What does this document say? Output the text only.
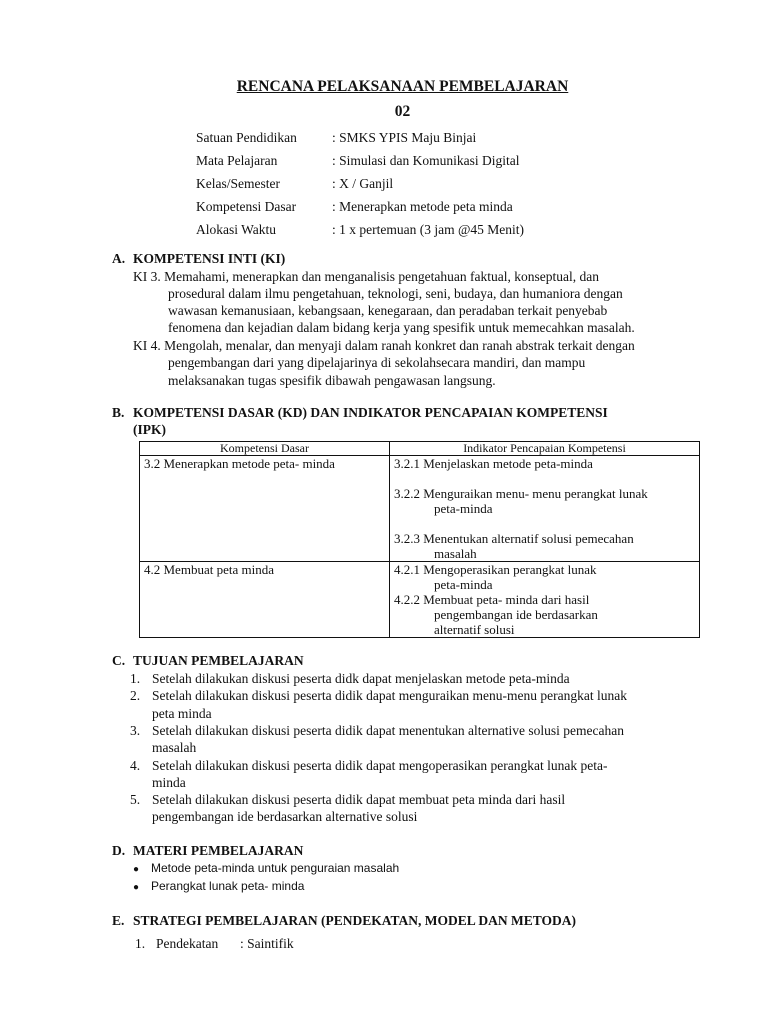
RENCANA PELAKSANAAN PEMBELAJARAN
02
Satuan Pendidikan	: SMKS YPIS Maju Binjai
Mata Pelajaran	: Simulasi dan Komunikasi Digital
Kelas/Semester	: X / Ganjil
Kompetensi Dasar	: Menerapkan metode peta minda
Alokasi Waktu	: 1 x pertemuan (3 jam @45 Menit)
A. KOMPETENSI INTI (KI)
KI 3. Memahami, menerapkan dan menganalisis pengetahuan faktual, konseptual, dan
prosedural dalam ilmu pengetahuan, teknologi, seni, budaya, dan humaniora dengan
wawasan kemanusiaan, kebangsaan, kenegaraan, dan peradaban terkait penyebab
fenomena dan kejadian dalam bidang kerja yang spesifik untuk memecahkan masalah.
KI 4. Mengolah, menalar, dan menyaji dalam ranah konkret dan ranah abstrak terkait dengan
pengembangan dari yang dipelajarinya di sekolahsecara mandiri, dan mampu
melaksanakan tugas spesifik dibawah pengawasan langsung.
B. KOMPETENSI DASAR (KD) DAN INDIKATOR PENCAPAIAN KOMPETENSI
(IPK)
Kompetensi Dasar	Indikator Pencapaian Kompetensi
3.2 Menerapkan metode peta- minda	3.2.1 Menjelaskan metode peta-minda
3.2.2 Menguraikan menu- menu perangkat lunak
peta-minda
3.2.3 Menentukan alternatif solusi pemecahan
masalah

4.2 Membuat peta minda	4.2.1 Mengoperasikan perangkat lunak
peta-minda
4.2.2 Membuat peta- minda dari hasil
pengembangan ide berdasarkan
alternatif solusi
C. TUJUAN PEMBELAJARAN
1. Setelah dilakukan diskusi peserta didk dapat menjelaskan metode peta-minda
2. Setelah dilakukan diskusi peserta didik dapat menguraikan menu-menu perangkat lunak
peta minda
3. Setelah dilakukan diskusi peserta didik dapat menentukan alternative solusi pemecahan
masalah
4. Setelah dilakukan diskusi peserta didik dapat mengoperasikan perangkat lunak peta-
minda
5. Setelah dilakukan diskusi peserta didik dapat membuat peta minda dari hasil
pengembangan ide berdasarkan alternative solusi
D. MATERI PEMBELAJARAN
● Metode peta-minda untuk penguraian masalah
● Perangkat lunak peta- minda
E. STRATEGI PEMBELAJARAN (PENDEKATAN, MODEL DAN METODA)
1. Pendekatan : Saintifik
